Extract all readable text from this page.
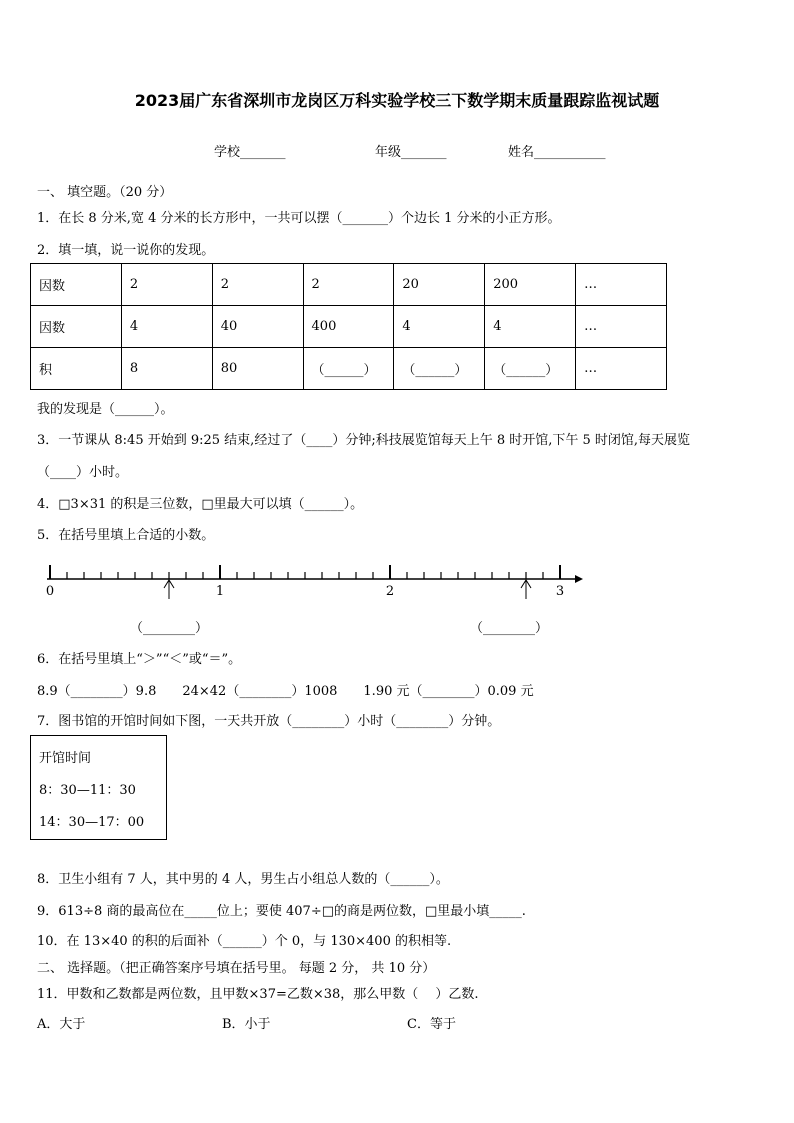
2023届广东省深圳市龙岗区万科实验学校三下数学期末质量跟踪监视试题
学校_______	年级_______	姓名___________
一、 填空题。（20 分）
1．在长 8 分米,宽 4 分米的长方形中，一共可以摆（_______）个边长 1 分米的小正方形。
2．填一填，说一说你的发现。
因数	2	2	2	20	200	…
因数	4	40	400	4	4	…
积	8	80	（______）	（______）	（______）	…
我的发现是（______）。
3．一节课从 8:45 开始到 9:25 结束,经过了（____）分钟;科技展览馆每天上午 8 时开馆,下午 5 时闭馆,每天展览
（____）小时。
4．□3×31 的积是三位数，□里最大可以填（______）。
5．在括号里填上合适的小数。
0	1	2	3
（________）	（________）
6．在括号里填上“＞”“＜”或“＝”。
8.9（________）9.8　　24×42（________）1008　　1.90 元（________）0.09 元
7．图书馆的开馆时间如下图，一天共开放（________）小时（________）分钟。
开馆时间
8：30—11：30
14：30—17：00
8．卫生小组有 7 人，其中男的 4 人，男生占小组总人数的（______）。
9．613÷8 商的最高位在_____位上；要使 407÷□的商是两位数，□里最小填_____.
10．在 13×40 的积的后面补（______）个 0，与 130×400 的积相等.
二、 选择题。（把正确答案序号填在括号里。 每题 2 分， 共 10 分）
11．甲数和乙数都是两位数，且甲数×37=乙数×38，那么甲数（　 ）乙数.
A．大于	B．小于	C．等于
